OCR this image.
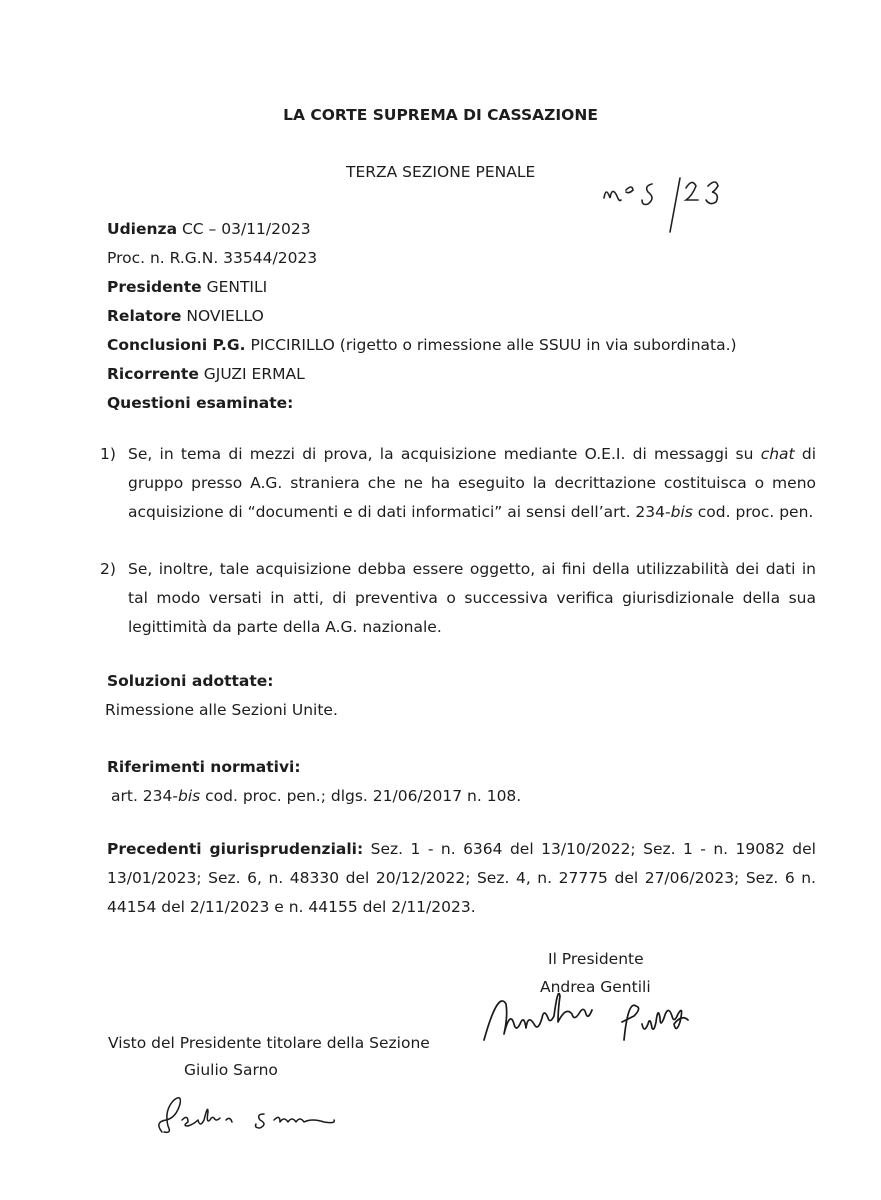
LA CORTE SUPREMA DI CASSAZIONE
TERZA SEZIONE PENALE
Udienza CC – 03/11/2023
Proc. n. R.G.N. 33544/2023
Presidente GENTILI
Relatore NOVIELLO
Conclusioni P.G. PICCIRILLO (rigetto o rimessione alle SSUU in via subordinata.)
Ricorrente GJUZI ERMAL
Questioni esaminate:
1) Se, in tema di mezzi di prova, la acquisizione mediante O.E.I. di messaggi su chat di gruppo presso A.G. straniera che ne ha eseguito la decrittazione costituisca o meno acquisizione di “documenti e di dati informatici” ai sensi dell’art. 234-bis cod. proc. pen.
2) Se, inoltre, tale acquisizione debba essere oggetto, ai fini della utilizzabilità dei dati in tal modo versati in atti, di preventiva o successiva verifica giurisdizionale della sua legittimità da parte della A.G. nazionale.
Soluzioni adottate:
Rimessione alle Sezioni Unite.
Riferimenti normativi:
art. 234-bis cod. proc. pen.; dlgs. 21/06/2017 n. 108.
Precedenti giurisprudenziali: Sez. 1 - n. 6364 del 13/10/2022; Sez. 1 - n. 19082 del 13/01/2023; Sez. 6, n. 48330 del 20/12/2022; Sez. 4, n. 27775 del 27/06/2023; Sez. 6 n. 44154 del 2/11/2023 e n. 44155 del 2/11/2023.
Il Presidente
Andrea Gentili
Visto del Presidente titolare della Sezione
Giulio Sarno
